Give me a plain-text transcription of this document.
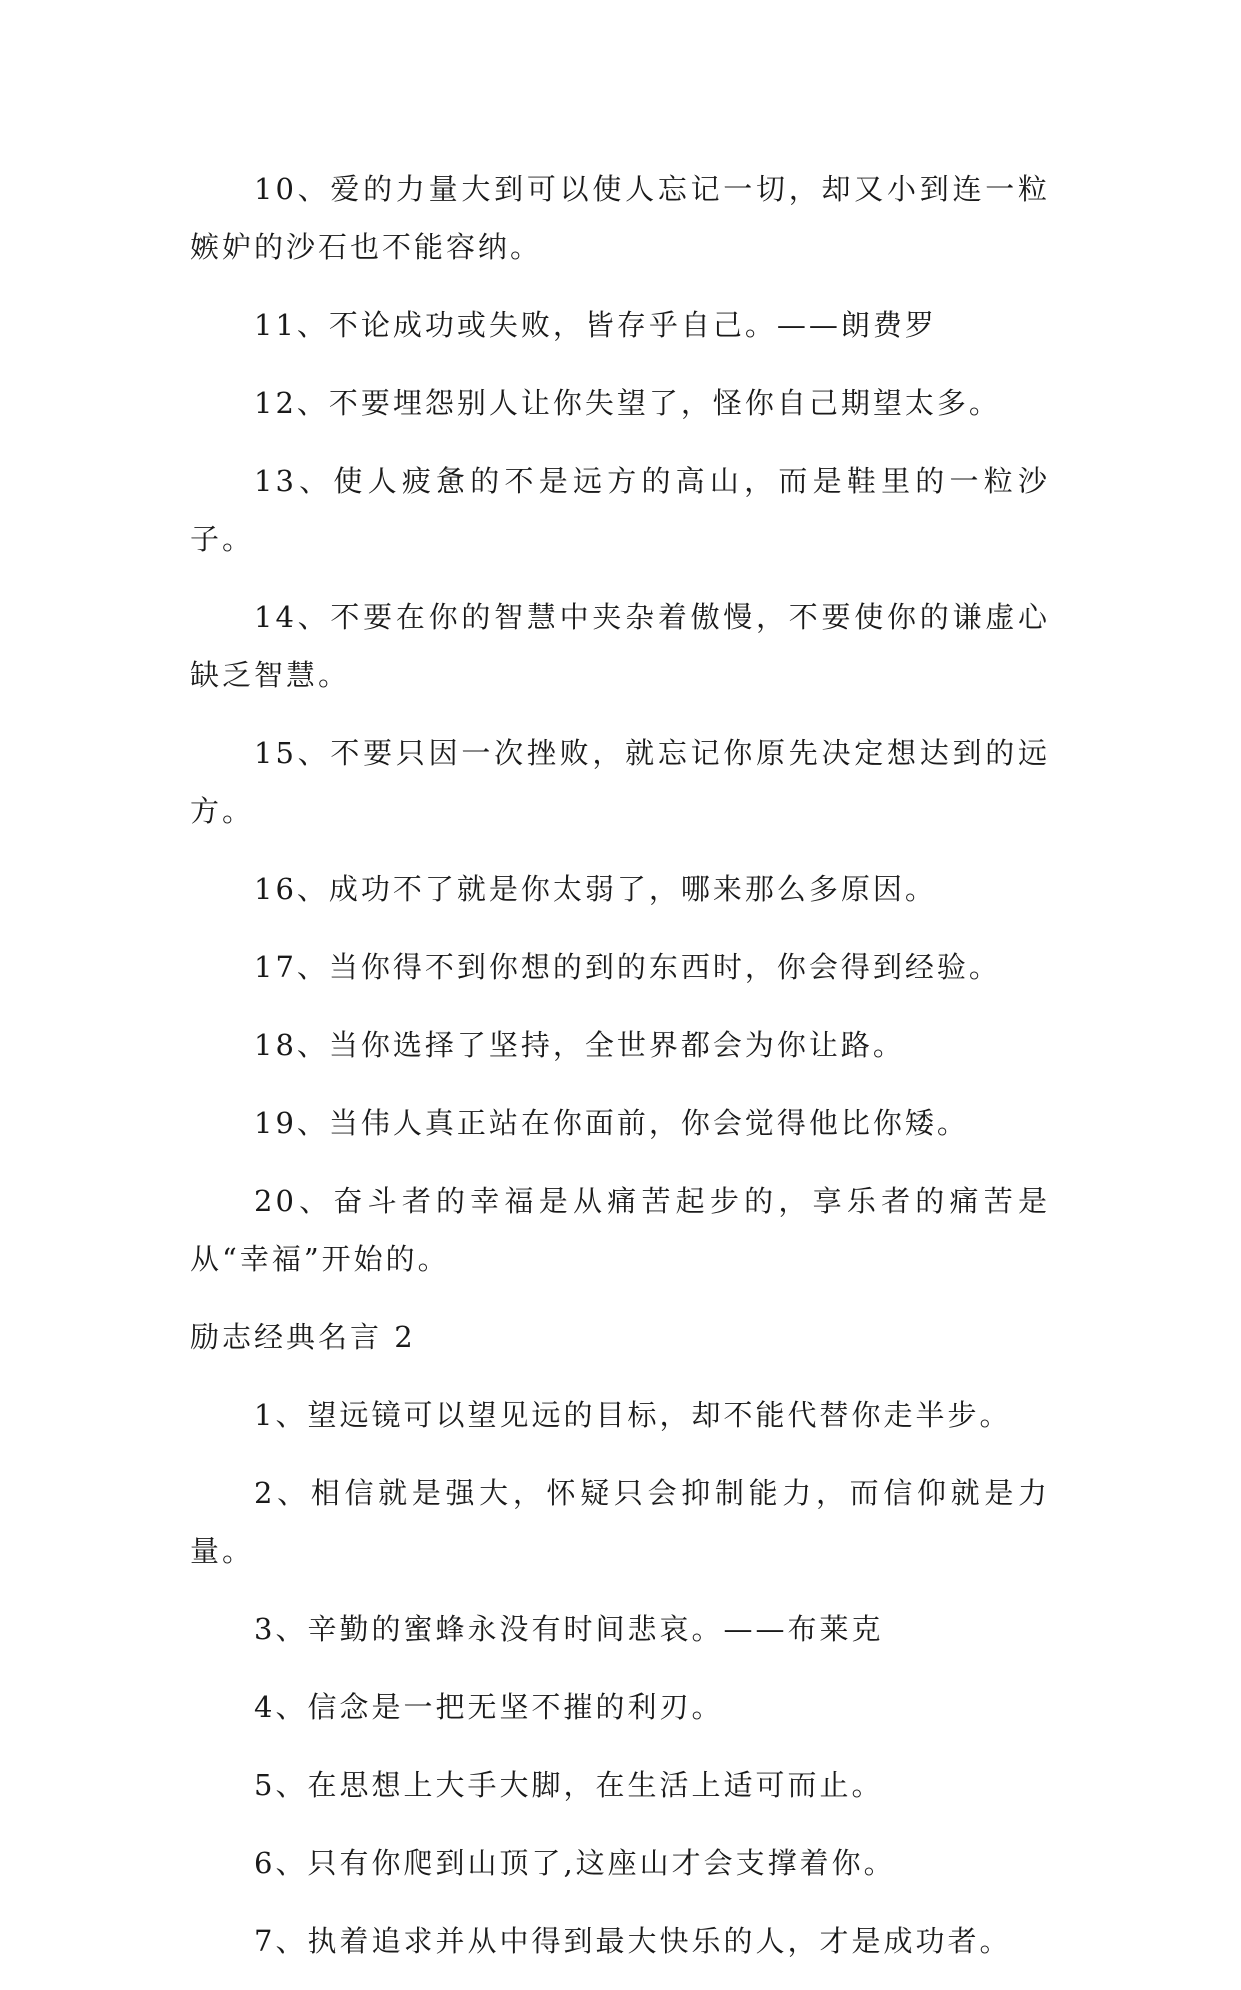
10、爱的力量大到可以使人忘记一切，却又小到连一粒嫉妒的沙石也不能容纳。

11、不论成功或失败，皆存乎自己。——朗费罗

12、不要埋怨别人让你失望了，怪你自己期望太多。

13、使人疲惫的不是远方的高山，而是鞋里的一粒沙子。

14、不要在你的智慧中夹杂着傲慢，不要使你的谦虚心缺乏智慧。

15、不要只因一次挫败，就忘记你原先决定想达到的远方。

16、成功不了就是你太弱了，哪来那么多原因。

17、当你得不到你想的到的东西时，你会得到经验。

18、当你选择了坚持，全世界都会为你让路。

19、当伟人真正站在你面前，你会觉得他比你矮。

20、奋斗者的幸福是从痛苦起步的，享乐者的痛苦是从“幸福”开始的。

励志经典名言 2

1、望远镜可以望见远的目标，却不能代替你走半步。

2、相信就是强大，怀疑只会抑制能力，而信仰就是力量。

3、辛勤的蜜蜂永没有时间悲哀。——布莱克

4、信念是一把无坚不摧的利刃。

5、在思想上大手大脚，在生活上适可而止。

6、只有你爬到山顶了,这座山才会支撑着你。

7、执着追求并从中得到最大快乐的人，才是成功者。
